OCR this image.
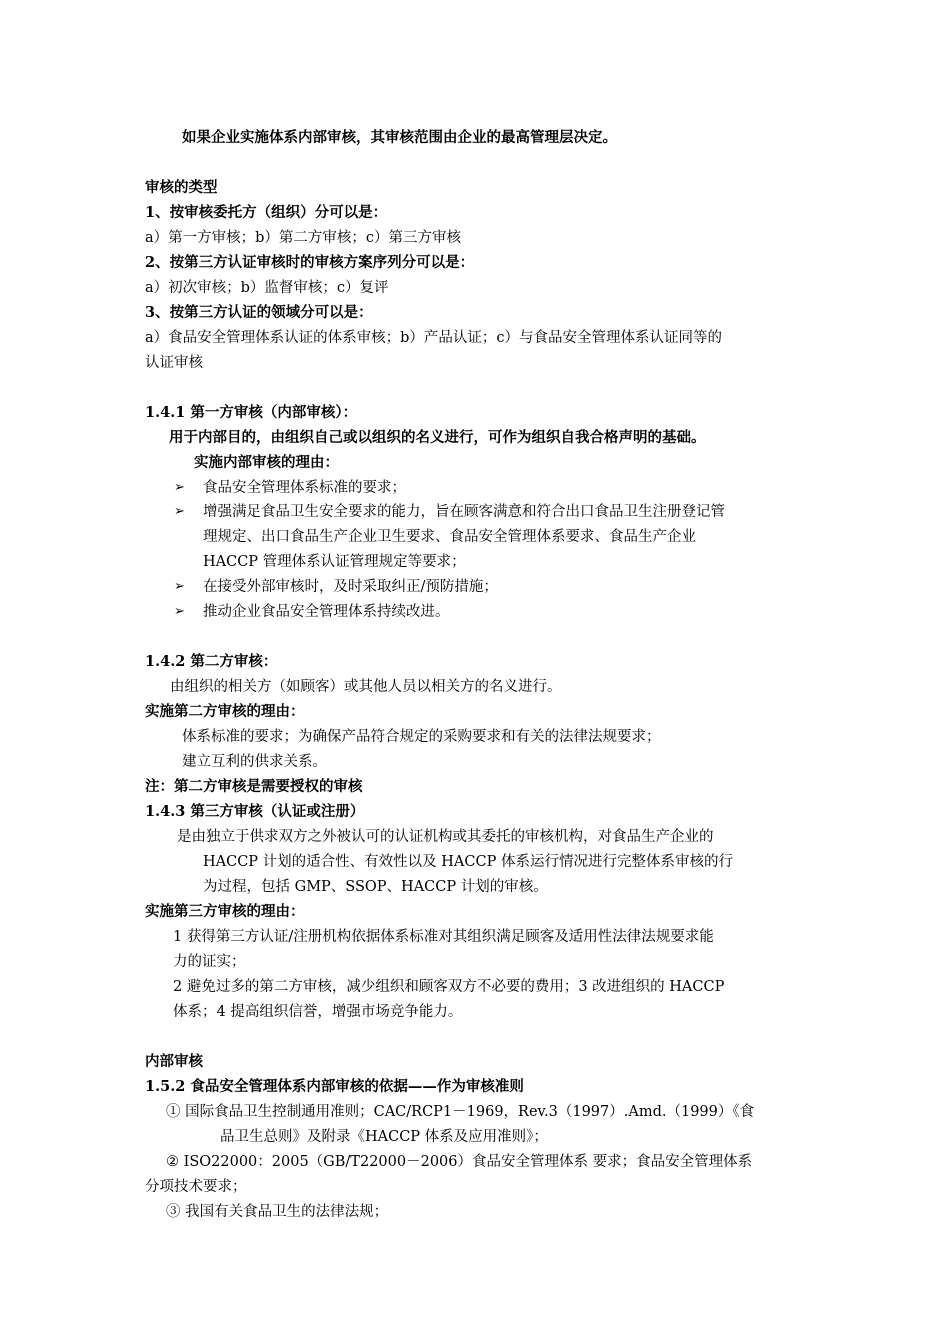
如果企业实施体系内部审核，其审核范围由企业的最高管理层决定。
审核的类型
1、按审核委托方（组织）分可以是：
a）第一方审核；b）第二方审核；c）第三方审核
2、按第三方认证审核时的审核方案序列分可以是：
a）初次审核；b）监督审核；c）复评
3、按第三方认证的领域分可以是：
a）食品安全管理体系认证的体系审核；b）产品认证；c）与食品安全管理体系认证同等的
认证审核
1.4.1 第一方审核（内部审核）：
用于内部目的，由组织自己或以组织的名义进行，可作为组织自我合格声明的基础。
实施内部审核的理由：
➢ 食品安全管理体系标准的要求；
➢ 增强满足食品卫生安全要求的能力，旨在顾客满意和符合出口食品卫生注册登记管
理规定、出口食品生产企业卫生要求、食品安全管理体系要求、食品生产企业
HACCP 管理体系认证管理规定等要求；
➢ 在接受外部审核时，及时采取纠正/预防措施；
➢ 推动企业食品安全管理体系持续改进。
1.4.2 第二方审核：
由组织的相关方（如顾客）或其他人员以相关方的名义进行。
实施第二方审核的理由：
体系标准的要求；为确保产品符合规定的采购要求和有关的法律法规要求；
建立互利的供求关系。
注：第二方审核是需要授权的审核
1.4.3 第三方审核（认证或注册）
是由独立于供求双方之外被认可的认证机构或其委托的审核机构，对食品生产企业的
HACCP 计划的适合性、有效性以及 HACCP 体系运行情况进行完整体系审核的行
为过程，包括 GMP、SSOP、HACCP 计划的审核。
实施第三方审核的理由：
1 获得第三方认证/注册机构依据体系标准对其组织满足顾客及适用性法律法规要求能
力的证实；
2 避免过多的第二方审核，减少组织和顾客双方不必要的费用；3 改进组织的 HACCP
体系；4 提高组织信誉，增强市场竞争能力。
内部审核
1.5.2 食品安全管理体系内部审核的依据——作为审核准则
① 国际食品卫生控制通用准则；CAC/RCP1－1969，Rev.3（1997）.Amd.（1999）《食
品卫生总则》及附录《HACCP 体系及应用准则》；
② ISO22000：2005（GB/T22000－2006）食品安全管理体系 要求；食品安全管理体系
分项技术要求；
③ 我国有关食品卫生的法律法规；
